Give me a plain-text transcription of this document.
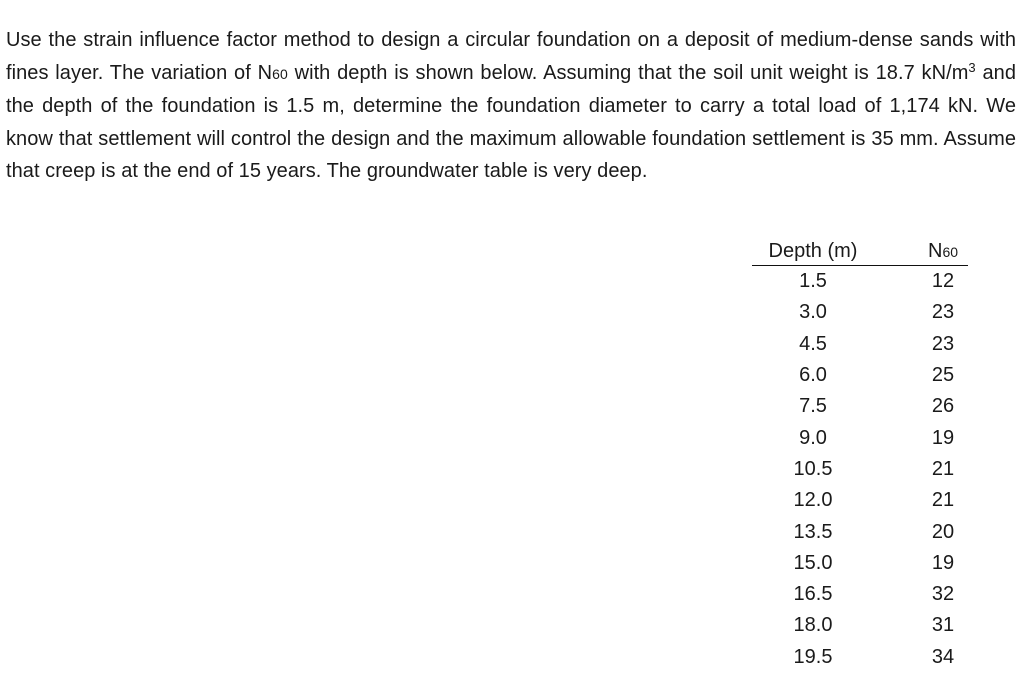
Use the strain influence factor method to design a circular foundation on a deposit of medium-dense sands with fines layer. The variation of N60 with depth is shown below. Assuming that the soil unit weight is 18.7 $kN/m^3$ and the depth of the foundation is 1.5 m, determine the foundation diameter to carry a total load of 1,174 kN. We know that settlement will control the design and the maximum allowable foundation settlement is 35 mm. Assume that creep is at the end of 15 years. The groundwater table is very deep.

Depth (m)		N60
1.5		12
3.0		23
4.5		23
6.0		25
7.5		26
9.0		19
10.5		21
12.0		21
13.5		20
15.0		19
16.5		32
18.0		31
19.5		34
